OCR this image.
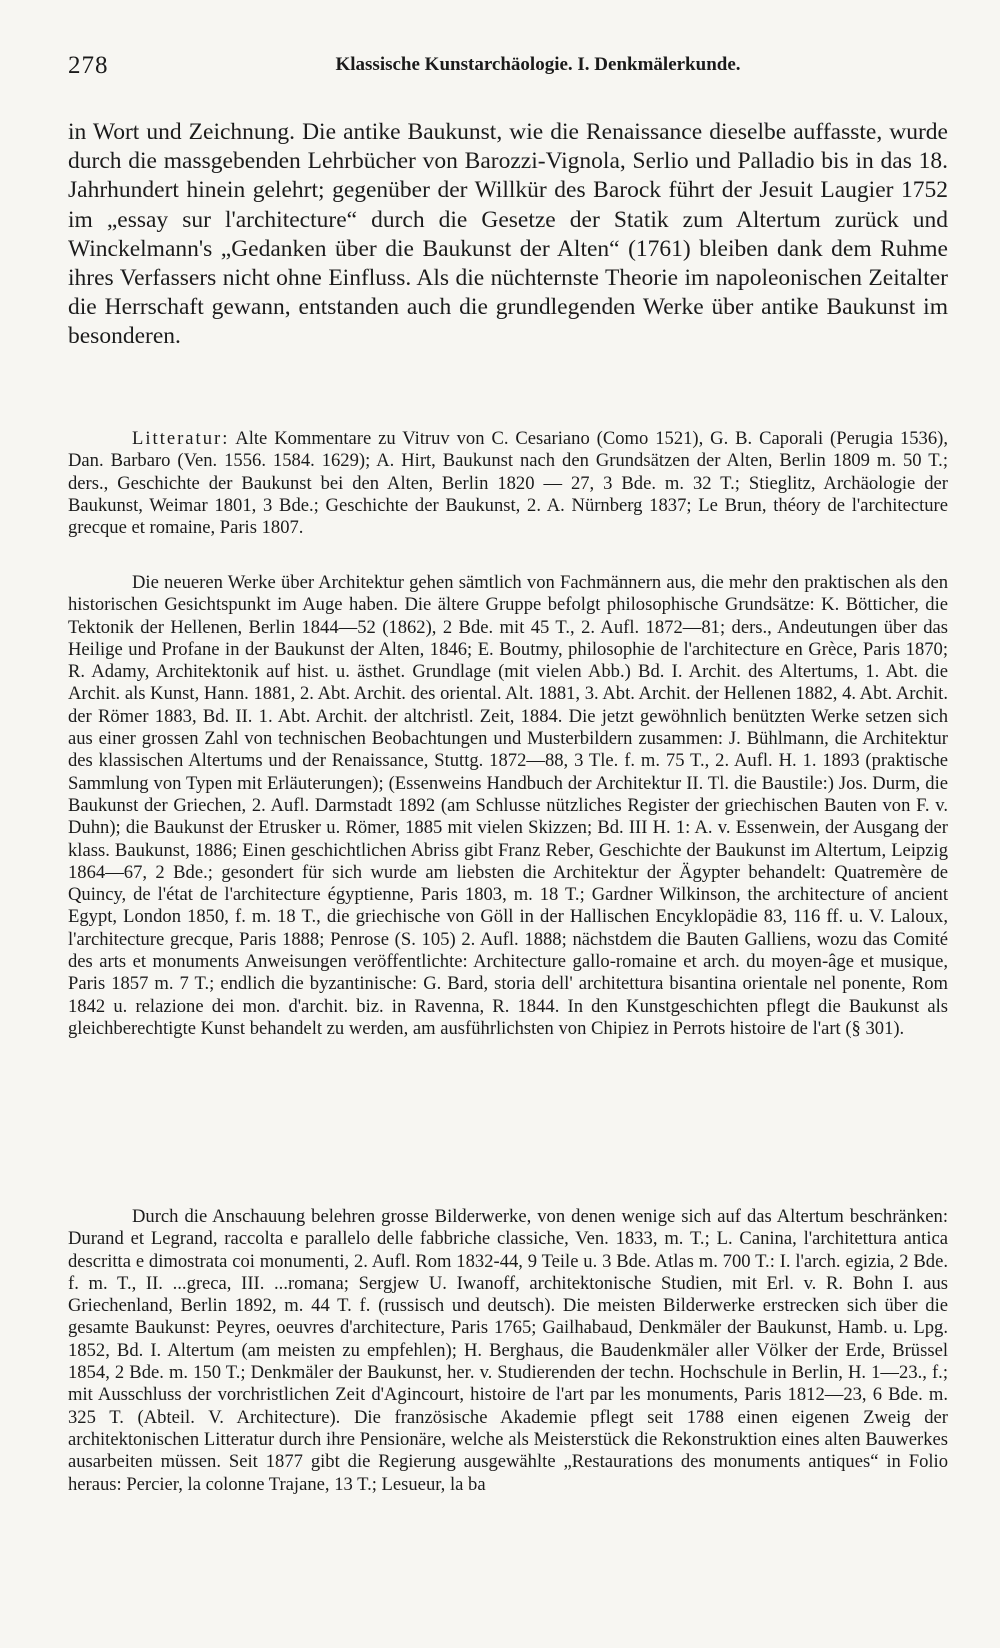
278	Klassische Kunstarchäologie. I. Denkmälerkunde.

in Wort und Zeichnung. Die antike Baukunst, wie die Renaissance dieselbe auffasste, wurde durch die massgebenden Lehrbücher von Barozzi-Vignola, Serlio und Palladio bis in das 18. Jahrhundert hinein gelehrt; gegenüber der Willkür des Barock führt der Jesuit Laugier 1752 im „essay sur l'architecture“ durch die Gesetze der Statik zum Altertum zurück und Winckelmann's „Gedanken über die Baukunst der Alten“ (1761) bleiben dank dem Ruhme ihres Verfassers nicht ohne Einfluss. Als die nüchternste Theorie im napoleonischen Zeitalter die Herrschaft gewann, entstanden auch die grundlegenden Werke über antike Baukunst im besonderen.

Litteratur: Alte Kommentare zu Vitruv von C. Cesariano (Como 1521), G. B. Caporali (Perugia 1536), Dan. Barbaro (Ven. 1556. 1584. 1629); A. Hirt, Baukunst nach den Grundsätzen der Alten, Berlin 1809 m. 50 T.; ders., Geschichte der Baukunst bei den Alten, Berlin 1820 — 27, 3 Bde. m. 32 T.; Stieglitz, Archäologie der Baukunst, Weimar 1801, 3 Bde.; Geschichte der Baukunst, 2. A. Nürnberg 1837; Le Brun, théory de l'architecture grecque et romaine, Paris 1807.

Die neueren Werke über Architektur gehen sämtlich von Fachmännern aus, die mehr den praktischen als den historischen Gesichtspunkt im Auge haben. Die ältere Gruppe befolgt philosophische Grundsätze: K. Bötticher, die Tektonik der Hellenen, Berlin 1844—52 (1862), 2 Bde. mit 45 T., 2. Aufl. 1872—81; ders., Andeutungen über das Heilige und Profane in der Baukunst der Alten, 1846; E. Boutmy, philosophie de l'architecture en Grèce, Paris 1870; R. Adamy, Architektonik auf hist. u. ästhet. Grundlage (mit vielen Abb.) Bd. I. Archit. des Altertums, 1. Abt. die Archit. als Kunst, Hann. 1881, 2. Abt. Archit. des oriental. Alt. 1881, 3. Abt. Archit. der Hellenen 1882, 4. Abt. Archit. der Römer 1883, Bd. II. 1. Abt. Archit. der altchristl. Zeit, 1884. Die jetzt gewöhnlich benützten Werke setzen sich aus einer grossen Zahl von technischen Beobachtungen und Musterbildern zusammen: J. Bühlmann, die Architektur des klassischen Altertums und der Renaissance, Stuttg. 1872—88, 3 Tle. f. m. 75 T., 2. Aufl. H. 1. 1893 (praktische Sammlung von Typen mit Erläuterungen); (Essenweins Handbuch der Architektur II. Tl. die Baustile:) Jos. Durm, die Baukunst der Griechen, 2. Aufl. Darmstadt 1892 (am Schlusse nützliches Register der griechischen Bauten von F. v. Duhn); die Baukunst der Etrusker u. Römer, 1885 mit vielen Skizzen; Bd. III H. 1: A. v. Essenwein, der Ausgang der klass. Baukunst, 1886; Einen geschichtlichen Abriss gibt Franz Reber, Geschichte der Baukunst im Altertum, Leipzig 1864—67, 2 Bde.; gesondert für sich wurde am liebsten die Architektur der Ägypter behandelt: Quatremère de Quincy, de l'état de l'architecture égyptienne, Paris 1803, m. 18 T.; Gardner Wilkinson, the architecture of ancient Egypt, London 1850, f. m. 18 T., die griechische von Göll in der Hallischen Encyklopädie 83, 116 ff. u. V. Laloux, l'architecture grecque, Paris 1888; Penrose (S. 105) 2. Aufl. 1888; nächstdem die Bauten Galliens, wozu das Comité des arts et monuments Anweisungen veröffentlichte: Architecture gallo-romaine et arch. du moyen-âge et musique, Paris 1857 m. 7 T.; endlich die byzantinische: G. Bard, storia dell' architettura bisantina orientale nel ponente, Rom 1842 u. relazione dei mon. d'archit. biz. in Ravenna, R. 1844. In den Kunstgeschichten pflegt die Baukunst als gleichberechtigte Kunst behandelt zu werden, am ausführlichsten von Chipiez in Perrots histoire de l'art (§ 301).

Durch die Anschauung belehren grosse Bilderwerke, von denen wenige sich auf das Altertum beschränken: Durand et Legrand, raccolta e parallelo delle fabbriche classiche, Ven. 1833, m. T.; L. Canina, l'architettura antica descritta e dimostrata coi monumenti, 2. Aufl. Rom 1832-44, 9 Teile u. 3 Bde. Atlas m. 700 T.: I. l'arch. egizia, 2 Bde. f. m. T., II. ...greca, III. ...romana; Sergjew U. Iwanoff, architektonische Studien, mit Erl. v. R. Bohn I. aus Griechenland, Berlin 1892, m. 44 T. f. (russisch und deutsch). Die meisten Bilderwerke erstrecken sich über die gesamte Baukunst: Peyres, oeuvres d'architecture, Paris 1765; Gailhabaud, Denkmäler der Baukunst, Hamb. u. Lpg. 1852, Bd. I. Altertum (am meisten zu empfehlen); H. Berghaus, die Baudenkmäler aller Völker der Erde, Brüssel 1854, 2 Bde. m. 150 T.; Denkmäler der Baukunst, her. v. Studierenden der techn. Hochschule in Berlin, H. 1—23., f.; mit Ausschluss der vorchristlichen Zeit d'Agincourt, histoire de l'art par les monuments, Paris 1812—23, 6 Bde. m. 325 T. (Abteil. V. Architecture). Die französische Akademie pflegt seit 1788 einen eigenen Zweig der architektonischen Litteratur durch ihre Pensionäre, welche als Meisterstück die Rekonstruktion eines alten Bauwerkes ausarbeiten müssen. Seit 1877 gibt die Regierung ausgewählte „Restaurations des monuments antiques“ in Folio heraus: Percier, la colonne Trajane, 13 T.; Lesueur, la ba
